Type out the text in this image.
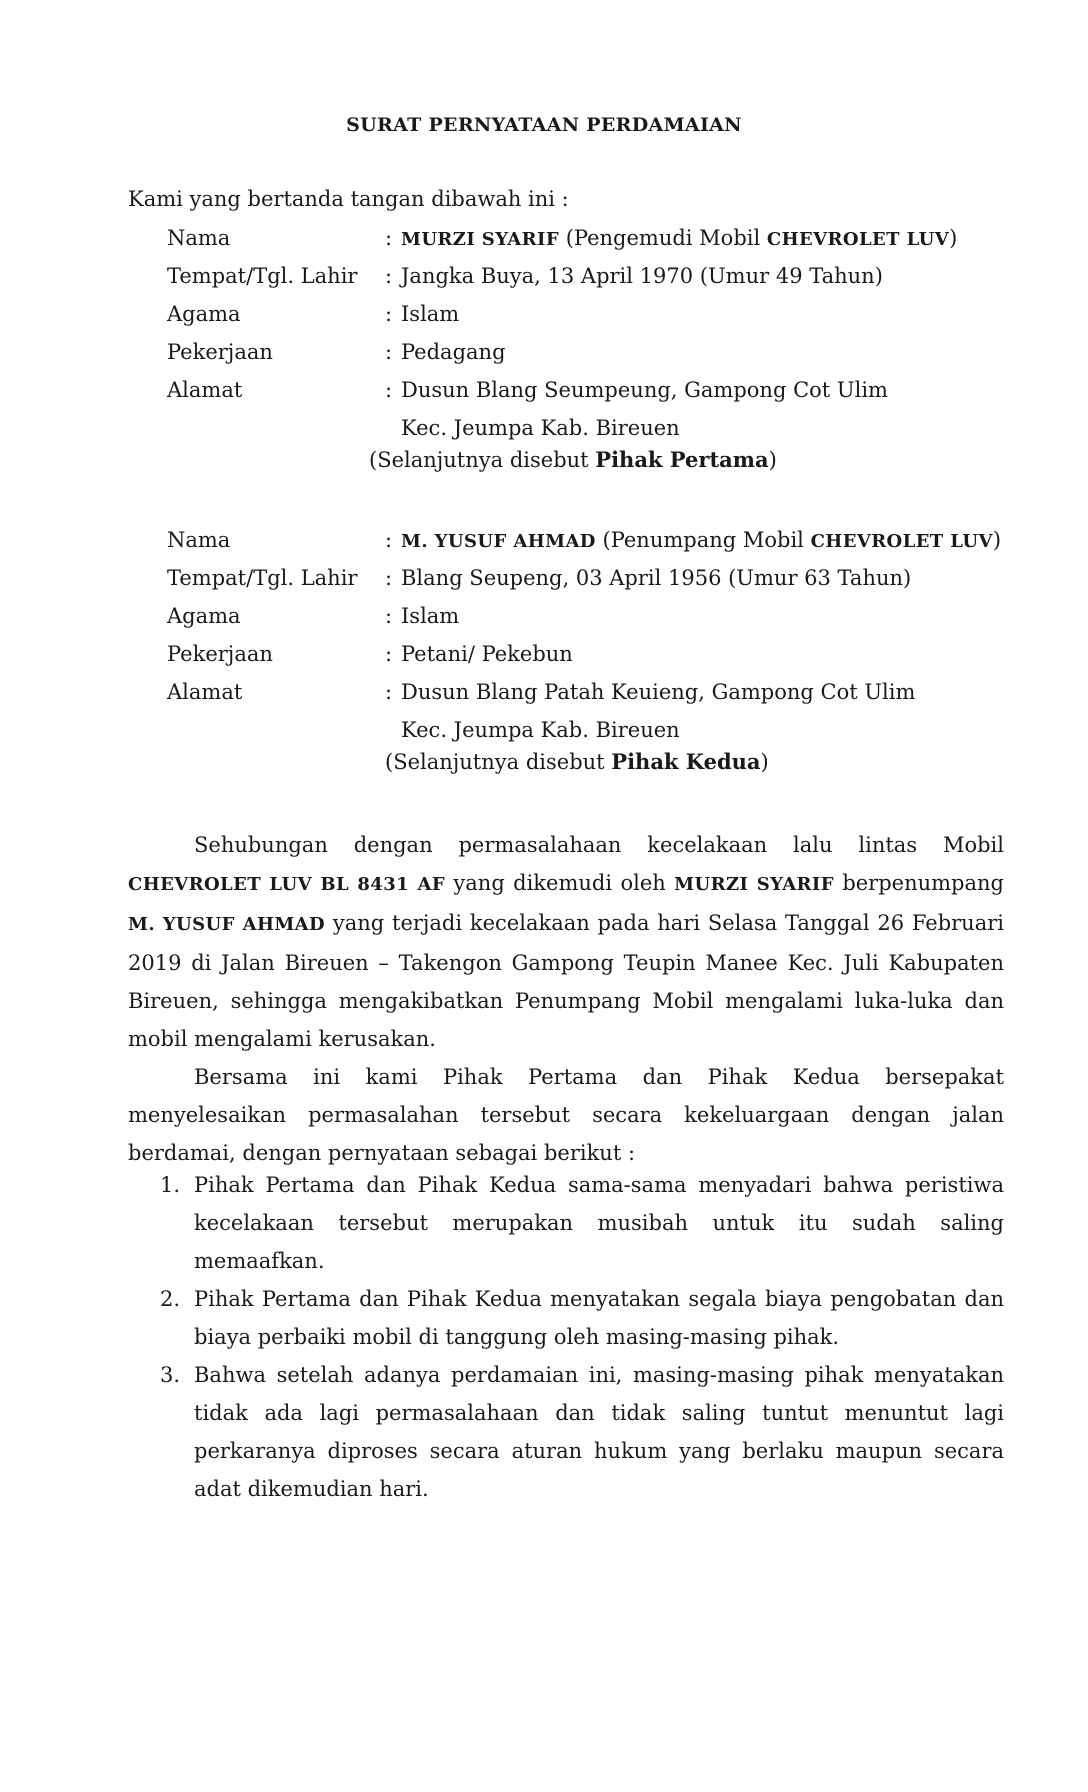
SURAT PERNYATAAN PERDAMAIAN
Kami yang bertanda tangan dibawah ini :
Nama	: MURZI SYARIF (Pengemudi Mobil CHEVROLET LUV)
Tempat/Tgl. Lahir : Jangka Buya, 13 April 1970 (Umur 49 Tahun)
Agama	: Islam
Pekerjaan	: Pedagang
Alamat	: Dusun Blang Seumpeung, Gampong Cot Ulim
Kec. Jeumpa Kab. Bireuen
(Selanjutnya disebut Pihak Pertama)
Nama	: M. YUSUF AHMAD (Penumpang Mobil CHEVROLET LUV)
Tempat/Tgl. Lahir : Blang Seupeng, 03 April 1956 (Umur 63 Tahun)
Agama	: Islam
Pekerjaan	: Petani/ Pekebun
Alamat	: Dusun Blang Patah Keuieng, Gampong Cot Ulim
Kec. Jeumpa Kab. Bireuen
(Selanjutnya disebut Pihak Kedua)

Sehubungan dengan permasalahaan kecelakaan lalu lintas Mobil CHEVROLET LUV BL 8431 AF yang dikemudi oleh MURZI SYARIF berpenumpang M. YUSUF AHMAD yang terjadi kecelakaan pada hari Selasa Tanggal 26 Februari 2019 di Jalan Bireuen – Takengon Gampong Teupin Manee Kec. Juli Kabupaten Bireuen, sehingga mengakibatkan Penumpang Mobil mengalami luka-luka dan mobil mengalami kerusakan.

Bersama ini kami Pihak Pertama dan Pihak Kedua bersepakat menyelesaikan permasalahan tersebut secara kekeluargaan dengan jalan berdamai, dengan pernyataan sebagai berikut :

1. Pihak Pertama dan Pihak Kedua sama-sama menyadari bahwa peristiwa kecelakaan tersebut merupakan musibah untuk itu sudah saling memaafkan.
2. Pihak Pertama dan Pihak Kedua menyatakan segala biaya pengobatan dan biaya perbaiki mobil di tanggung oleh masing-masing pihak.
3. Bahwa setelah adanya perdamaian ini, masing-masing pihak menyatakan tidak ada lagi permasalahaan dan tidak saling tuntut menuntut lagi perkaranya diproses secara aturan hukum yang berlaku maupun secara adat dikemudian hari.
